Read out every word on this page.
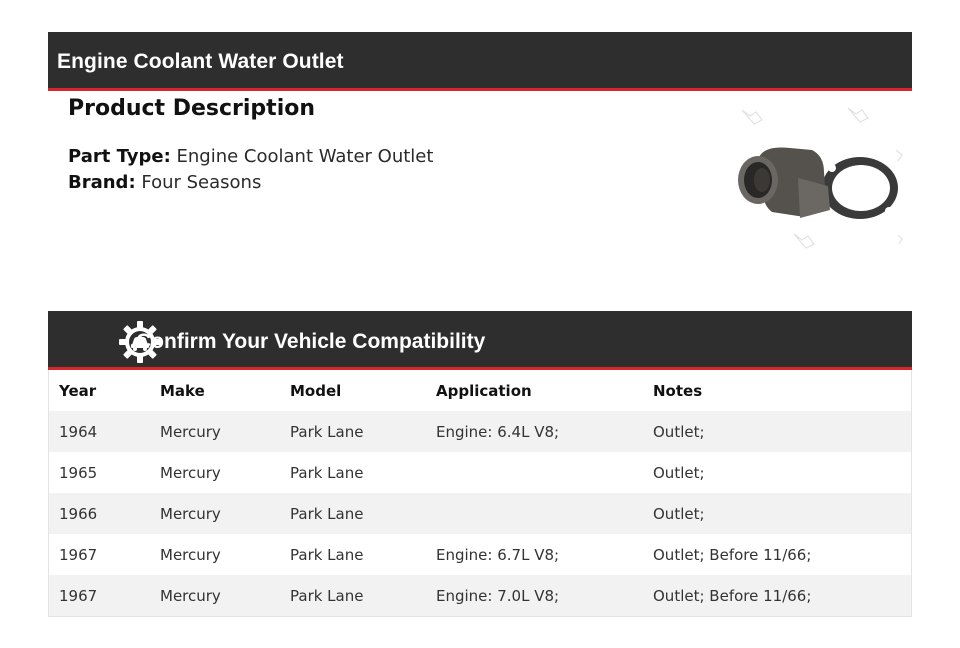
Engine Coolant Water Outlet
Product Description
Part Type: Engine Coolant Water Outlet
Brand: Four Seasons
Confirm Your Vehicle Compatibility
Year	Make	Model	Application	Notes
1964	Mercury	Park Lane	Engine: 6.4L V8;	Outlet;
1965	Mercury	Park Lane		Outlet;
1966	Mercury	Park Lane		Outlet;
1967	Mercury	Park Lane	Engine: 6.7L V8;	Outlet; Before 11/66;
1967	Mercury	Park Lane	Engine: 7.0L V8;	Outlet; Before 11/66;
